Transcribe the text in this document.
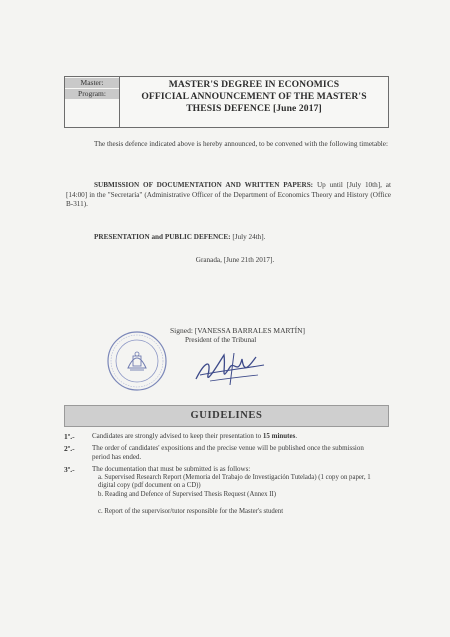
Master:
Program:
MASTER'S DEGREE IN ECONOMICS
OFFICIAL ANNOUNCEMENT OF THE MASTER'S
THESIS DEFENCE [June 2017]
The thesis defence indicated above is hereby announced, to be convened with the following timetable:
SUBMISSION OF DOCUMENTATION AND WRITTEN PAPERS: Up until [July 10th], at [14:00] in the "Secretaría" (Administrative Officer of the Department of Economics Theory and History (Office B-311).
PRESENTATION and PUBLIC DEFENCE: [July 24th].
Granada, [June 21th 2017].
Signed: [VANESSA BARRALES MARTÍN]
President of the Tribunal
GUIDELINES
1º.- Candidates are strongly advised to keep their presentation to 15 minutes.
2º.- The order of candidates' expositions and the precise venue will be published once the submission period has ended.
3º.- The documentation that must be submitted is as follows:
a. Supervised Research Report (Memoria del Trabajo de Investigación Tutelada) (1 copy on paper, 1 digital copy (pdf document on a CD))
b. Reading and Defence of Supervised Thesis Request (Annex II)
c. Report of the supervisor/tutor responsible for the Master's student
